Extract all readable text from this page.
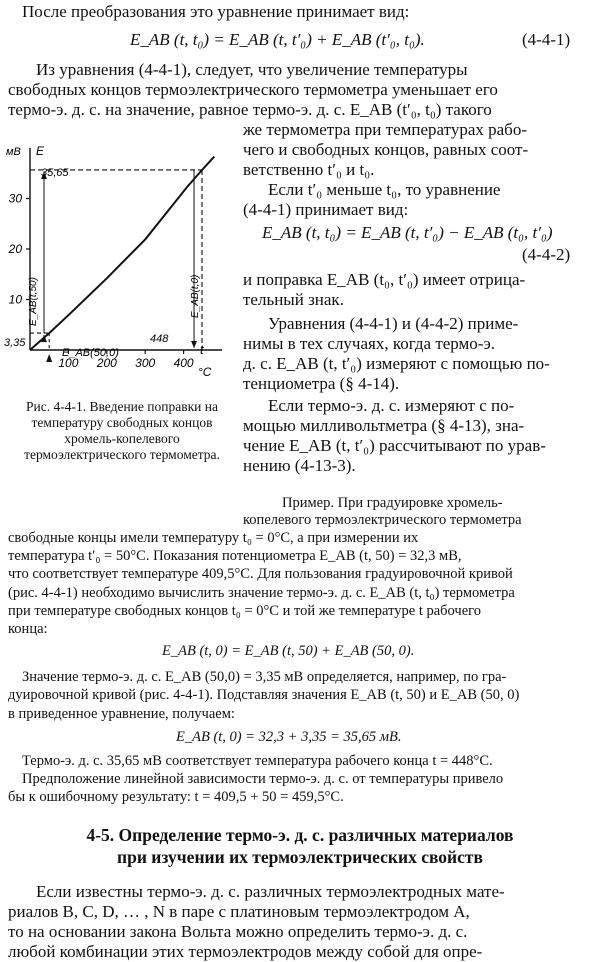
После преобразования это уравнение принимает вид:
E_AB (t, t₀) = E_AB (t, t′₀) + E_AB (t′₀, t₀).	(4-4-1)
Из уравнения (4-4-1), следует, что увеличение температуры
свободных концов термоэлектрического термометра уменьшает его
термо-э. д. с. на значение, равное термо-э. д. с. E_AB (t′₀, t₀) такого
10
20
30
100 200 300 400
мВ E
t
°С
35,65
3,35	448
E_AB(t,50)	E_AB(t,0)
E_AB(50,0)
Рис. 4-4-1. Введение поправки на температуру свободных концов хромель-копелевого термоэлектрического термометра.
же термометра при температурах рабо-
чего и свободных концов, равных соот-
ветственно t′₀ и t₀.
Если t′₀ меньше t₀, то уравнение
(4-4-1) принимает вид:
E_AB (t, t₀) = E_AB (t, t′₀) − E_AB (t₀, t′₀)
(4-4-2)
и поправка E_AB (t₀, t′₀) имеет отрица-
тельный знак.
Уравнения (4-4-1) и (4-4-2) приме-
нимы в тех случаях, когда термо-э.
д. с. E_AB (t, t′₀) измеряют с помощью по-
тенциометра (§ 4-14).
Если термо-э. д. с. измеряют с по-
мощью милливольтметра (§ 4-13), зна-
чение E_AB (t, t′₀) рассчитывают по урав-
нению (4-13-3).
Пример. При градуировке хромель-
копелевого термоэлектрического термометра
свободные концы имели температуру t₀ = 0°С, а при измерении их
температура t′₀ = 50°С. Показания потенциометра E_AB (t, 50) = 32,3 мВ,
что соответствует температуре 409,5°С. Для пользования градуировочной кривой
(рис. 4-4-1) необходимо вычислить значение термо-э. д. с. E_AB (t, t₀) термометра
при температуре свободных концов t₀ = 0°С и той же температуре t рабочего
конца:
E_AB (t, 0) = E_AB (t, 50) + E_AB (50, 0).
Значение термо-э. д. с. E_AB (50,0) = 3,35 мВ определяется, например, по гра-
дуировочной кривой (рис. 4-4-1). Подставляя значения E_AB (t, 50) и E_AB (50, 0)
в приведенное уравнение, получаем:
E_AB (t, 0) = 32,3 + 3,35 = 35,65 мВ.
Термо-э. д. с. 35,65 мВ соответствует температура рабочего конца t = 448°С.
Предположение линейной зависимости термо-э. д. с. от температуры привело
бы к ошибочному результату: t = 409,5 + 50 = 459,5°С.
4-5. Определение термо-э. д. с. различных материалов
при изучении их термоэлектрических свойств
Если известны термо-э. д. с. различных термоэлектродных мате-
риалов B, C, D, … , N в паре с платиновым термоэлектродом A,
то на основании закона Вольта можно определить термо-э. д. с.
любой комбинации этих термоэлектродов между собой для опре-
